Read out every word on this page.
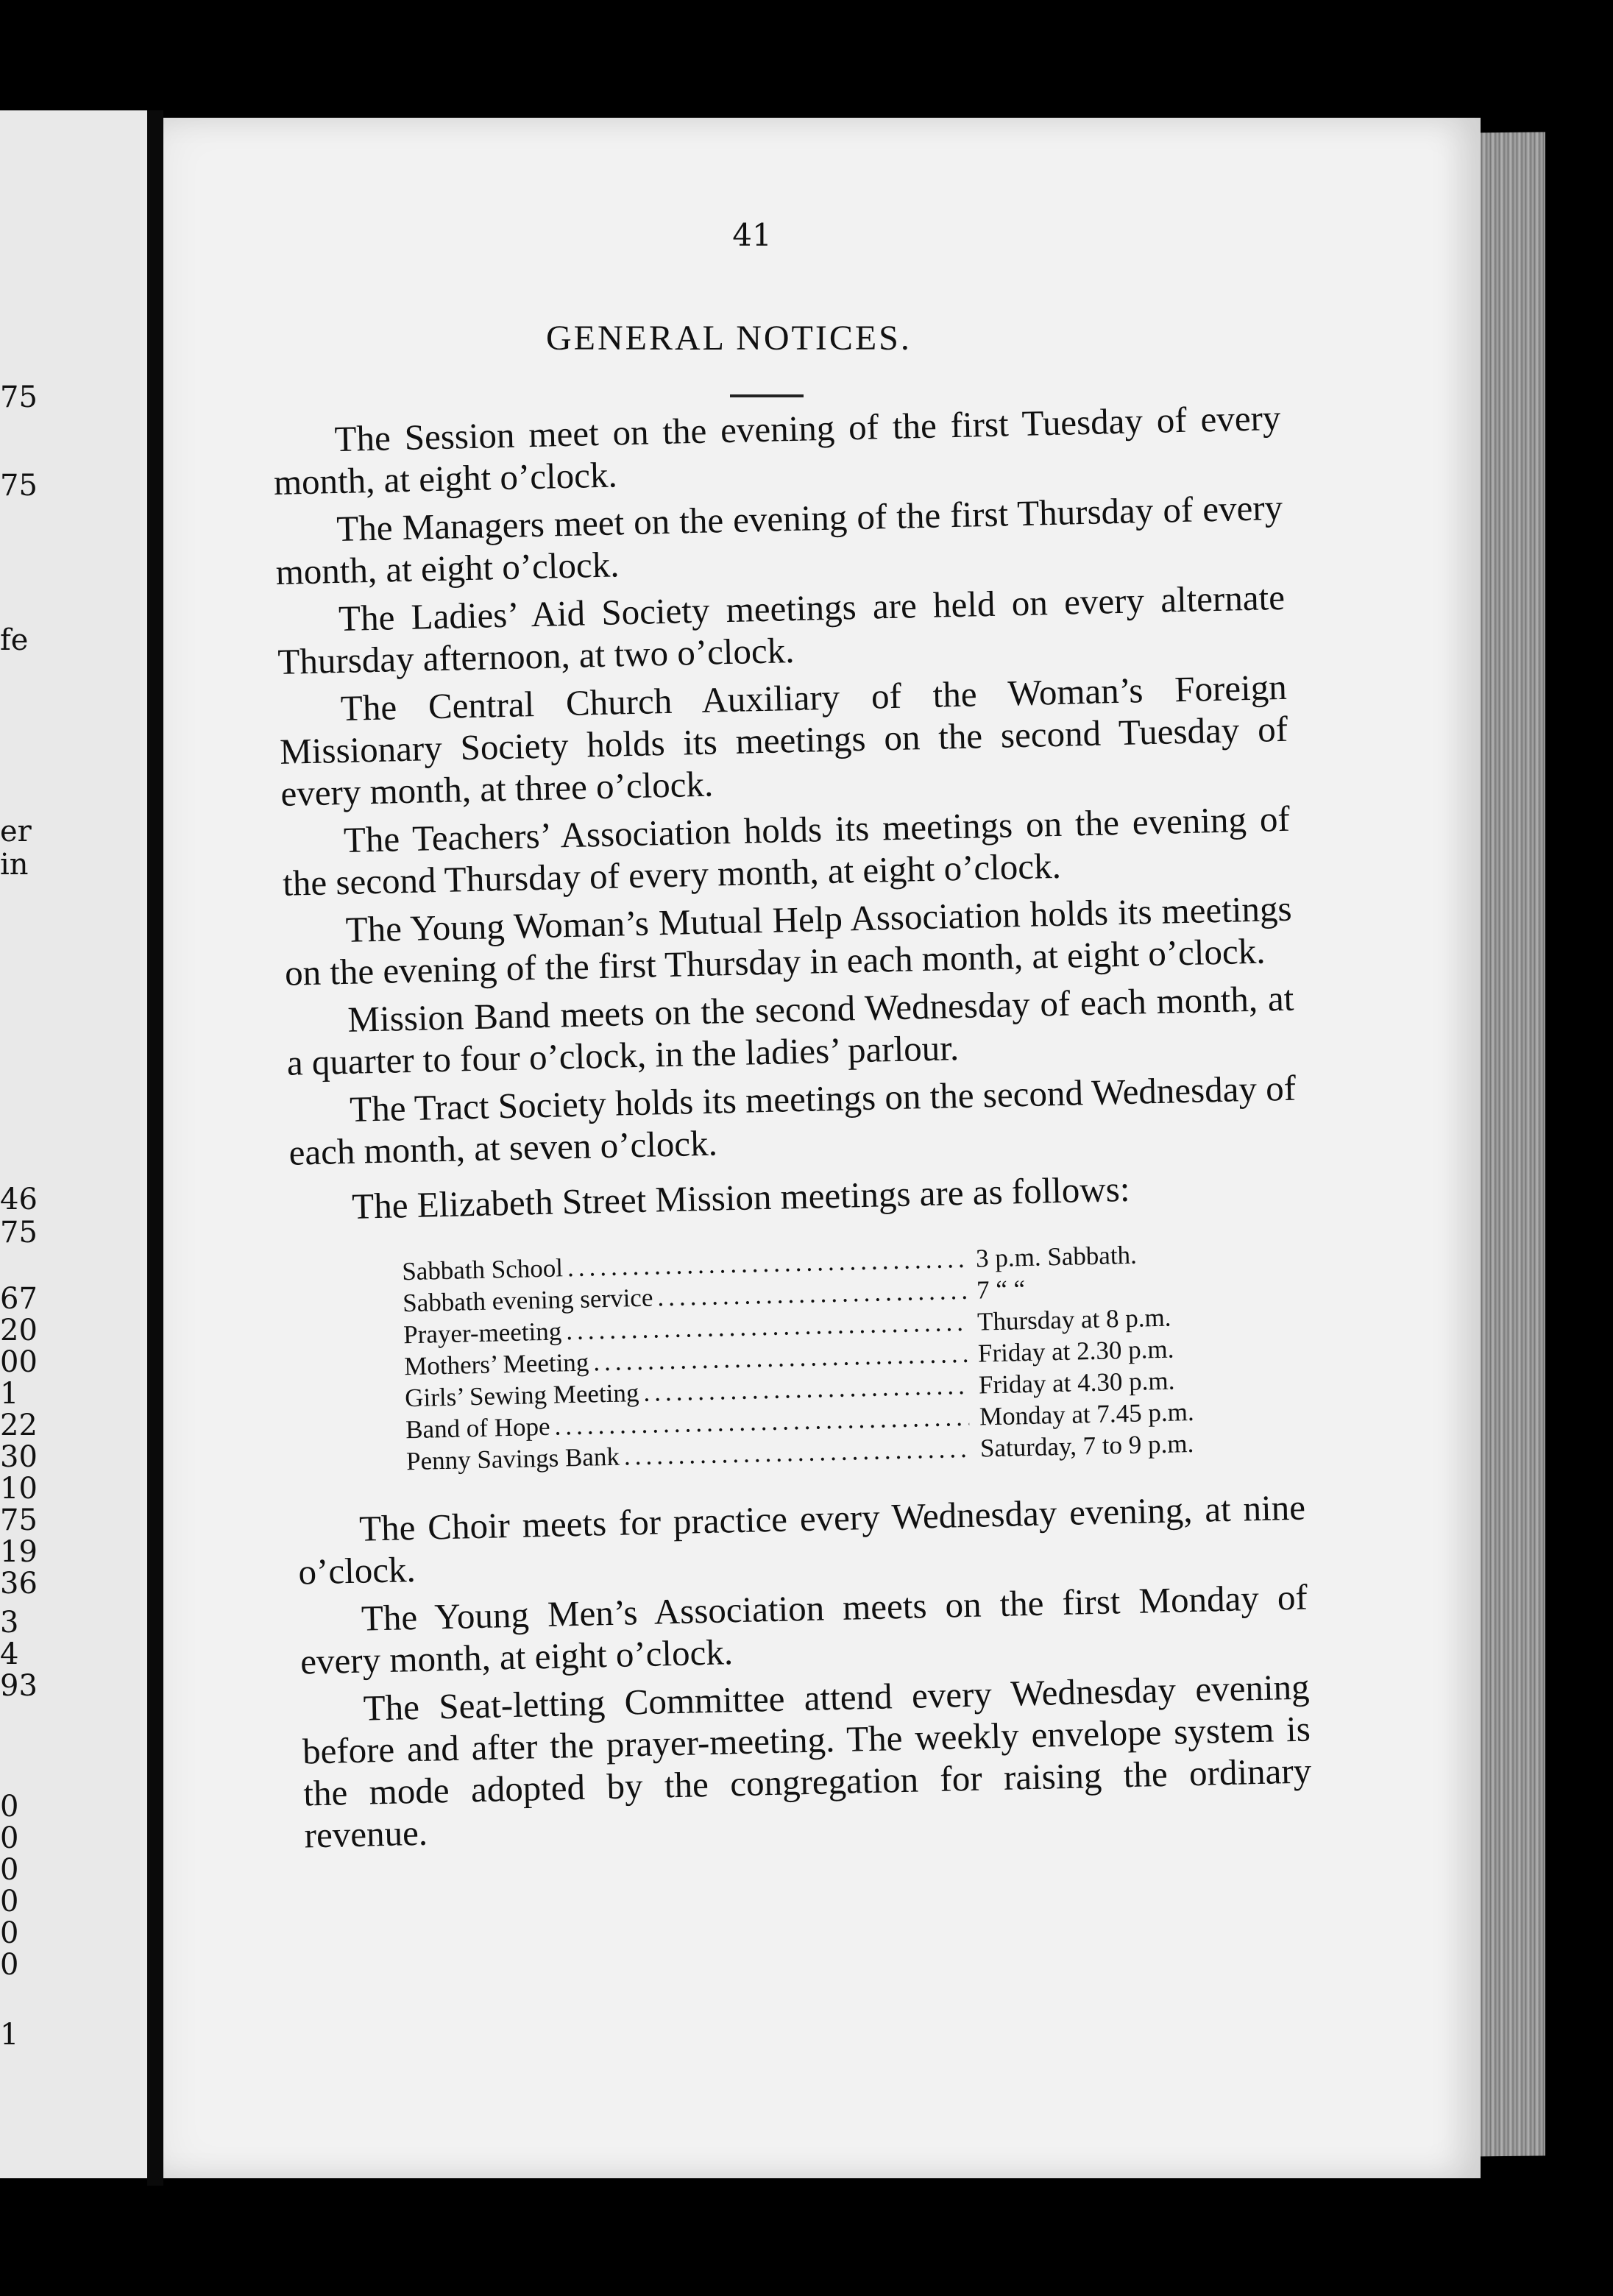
75
75
fe
er
in
46
75
67
20
00
1
22
30
10
75
19
36
3
4
93
0
0
0
0
0
0
1
41
GENERAL NOTICES.

The Session meet on the evening of the first Tuesday of every month, at eight o’clock.

The Managers meet on the evening of the first Thursday of every month, at eight o’clock.

The Ladies’ Aid Society meetings are held on every alternate Thursday afternoon, at two o’clock.

The Central Church Auxiliary of the Woman’s Foreign Missionary Society holds its meetings on the second Tuesday of every month, at three o’clock.

The Teachers’ Association holds its meetings on the evening of the second Thursday of every month, at eight o’clock.

The Young Woman’s Mutual Help Association holds its meetings on the evening of the first Thursday in each month, at eight o’clock.

Mission Band meets on the second Wednesday of each month, at a quarter to four o’clock, in the ladies’ parlour.

The Tract Society holds its meetings on the second Wednesday of each month, at seven o’clock.

The Elizabeth Street Mission meetings are as follows:

Sabbath School .....	3 p.m. Sabbath.
Sabbath evening service .....	7 “ “
Prayer-meeting .....	Thursday at 8 p.m.
Mothers’ Meeting .....	Friday at 2.30 p.m.
Girls’ Sewing Meeting .....	Friday at 4.30 p.m.
Band of Hope .....	Monday at 7.45 p.m.
Penny Savings Bank .....	Saturday, 7 to 9 p.m.

The Choir meets for practice every Wednesday evening, at nine o’clock.

The Young Men’s Association meets on the first Monday of every month, at eight o’clock.

The Seat-letting Committee attend every Wednesday evening before and after the prayer-meeting. The weekly envelope system is the mode adopted by the congregation for raising the ordinary revenue.
